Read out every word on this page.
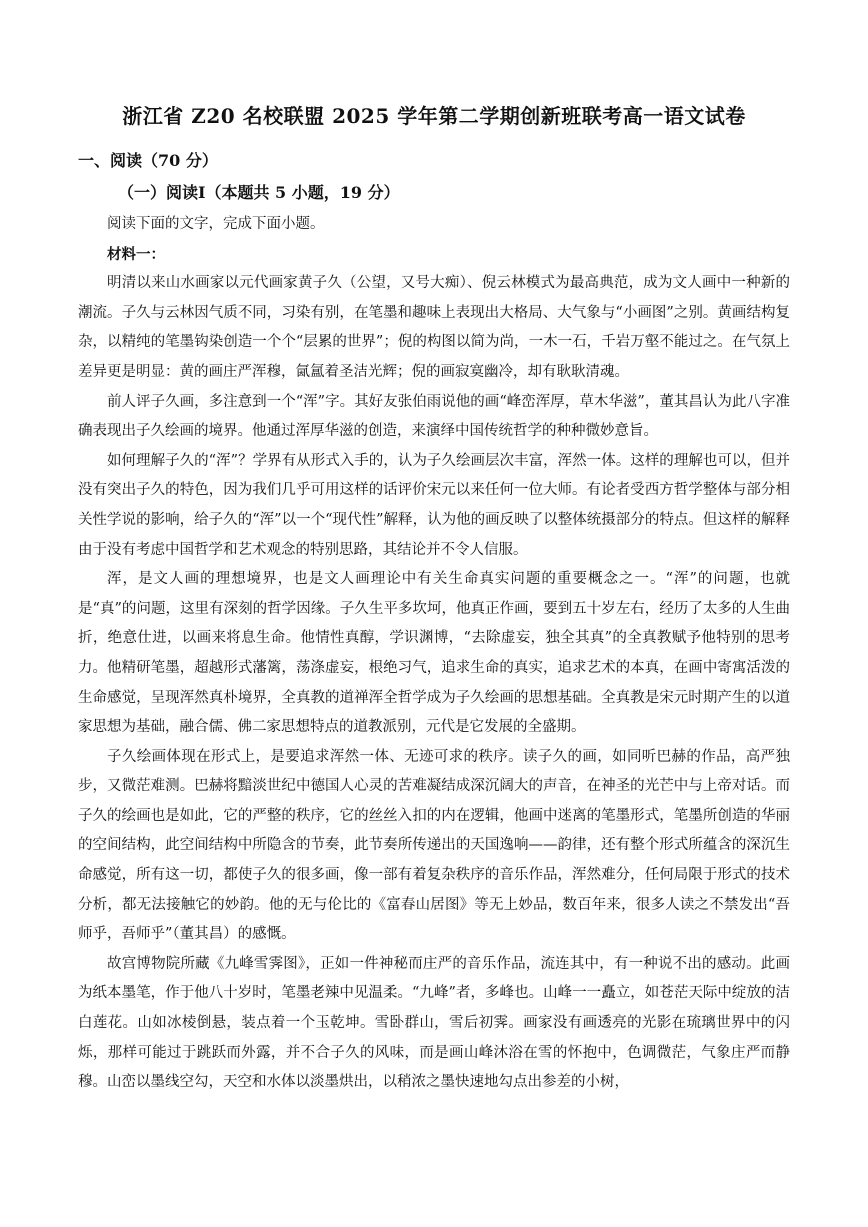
浙江省 Z20 名校联盟 2025 学年第二学期创新班联考高一语文试卷
一、阅读（70 分）
（一）阅读Ⅰ（本题共 5 小题，19 分）

阅读下面的文字，完成下面小题。

材料一：

明清以来山水画家以元代画家黄子久（公望，又号大痴）、倪云林模式为最高典范，成为文人画中一种新的潮流。子久与云林因气质不同，习染有别，在笔墨和趣味上表现出大格局、大气象与“小画图”之别。黄画结构复杂，以精纯的笔墨钩染创造一个个“层累的世界”；倪的构图以简为尚，一木一石，千岩万壑不能过之。在气氛上差异更是明显：黄的画庄严浑穆，氤氲着圣洁光辉；倪的画寂寞幽冷，却有耿耿清魂。

前人评子久画，多注意到一个“浑”字。其好友张伯雨说他的画“峰峦浑厚，草木华滋”，董其昌认为此八字准确表现出子久绘画的境界。他通过浑厚华滋的创造，来演绎中国传统哲学的种种微妙意旨。

如何理解子久的“浑”？学界有从形式入手的，认为子久绘画层次丰富，浑然一体。这样的理解也可以，但并没有突出子久的特色，因为我们几乎可用这样的话评价宋元以来任何一位大师。有论者受西方哲学整体与部分相关性学说的影响，给子久的“浑”以一个“现代性”解释，认为他的画反映了以整体统摄部分的特点。但这样的解释由于没有考虑中国哲学和艺术观念的特别思路，其结论并不令人信服。

浑，是文人画的理想境界，也是文人画理论中有关生命真实问题的重要概念之一。“浑”的问题，也就是“真”的问题，这里有深刻的哲学因缘。子久生平多坎坷，他真正作画，要到五十岁左右，经历了太多的人生曲折，绝意仕进，以画来将息生命。他情性真醇，学识渊博，“去除虚妄，独全其真”的全真教赋予他特别的思考力。他精研笔墨，超越形式藩篱，荡涤虚妄，根绝习气，追求生命的真实，追求艺术的本真，在画中寄寓活泼的生命感觉，呈现浑然真朴境界，全真教的道禅浑全哲学成为子久绘画的思想基础。全真教是宋元时期产生的以道家思想为基础，融合儒、佛二家思想特点的道教派别，元代是它发展的全盛期。

子久绘画体现在形式上，是要追求浑然一体、无迹可求的秩序。读子久的画，如同听巴赫的作品，高严独步，又微茫难测。巴赫将黯淡世纪中德国人心灵的苦难凝结成深沉阔大的声音，在神圣的光芒中与上帝对话。而子久的绘画也是如此，它的严整的秩序，它的丝丝入扣的内在逻辑，他画中迷离的笔墨形式，笔墨所创造的华丽的空间结构，此空间结构中所隐含的节奏，此节奏所传递出的天国逸响——韵律，还有整个形式所蕴含的深沉生命感觉，所有这一切，都使子久的很多画，像一部有着复杂秩序的音乐作品，浑然难分，任何局限于形式的技术分析，都无法接触它的妙韵。他的无与伦比的《富春山居图》等无上妙品，数百年来，很多人读之不禁发出“吾师乎，吾师乎”（董其昌）的感慨。

故宫博物院所藏《九峰雪霁图》，正如一件神秘而庄严的音乐作品，流连其中，有一种说不出的感动。此画为纸本墨笔，作于他八十岁时，笔墨老辣中见温柔。“九峰”者，多峰也。山峰一一矗立，如苍茫天际中绽放的洁白莲花。山如冰棱倒悬，装点着一个玉乾坤。雪卧群山，雪后初霁。画家没有画透亮的光影在琉璃世界中的闪烁，那样可能过于跳跃而外露，并不合子久的风味，而是画山峰沐浴在雪的怀抱中，色调微茫，气象庄严而静穆。山峦以墨线空勾，天空和水体以淡墨烘出，以稍浓之墨快速地勾点出参差的小树，
